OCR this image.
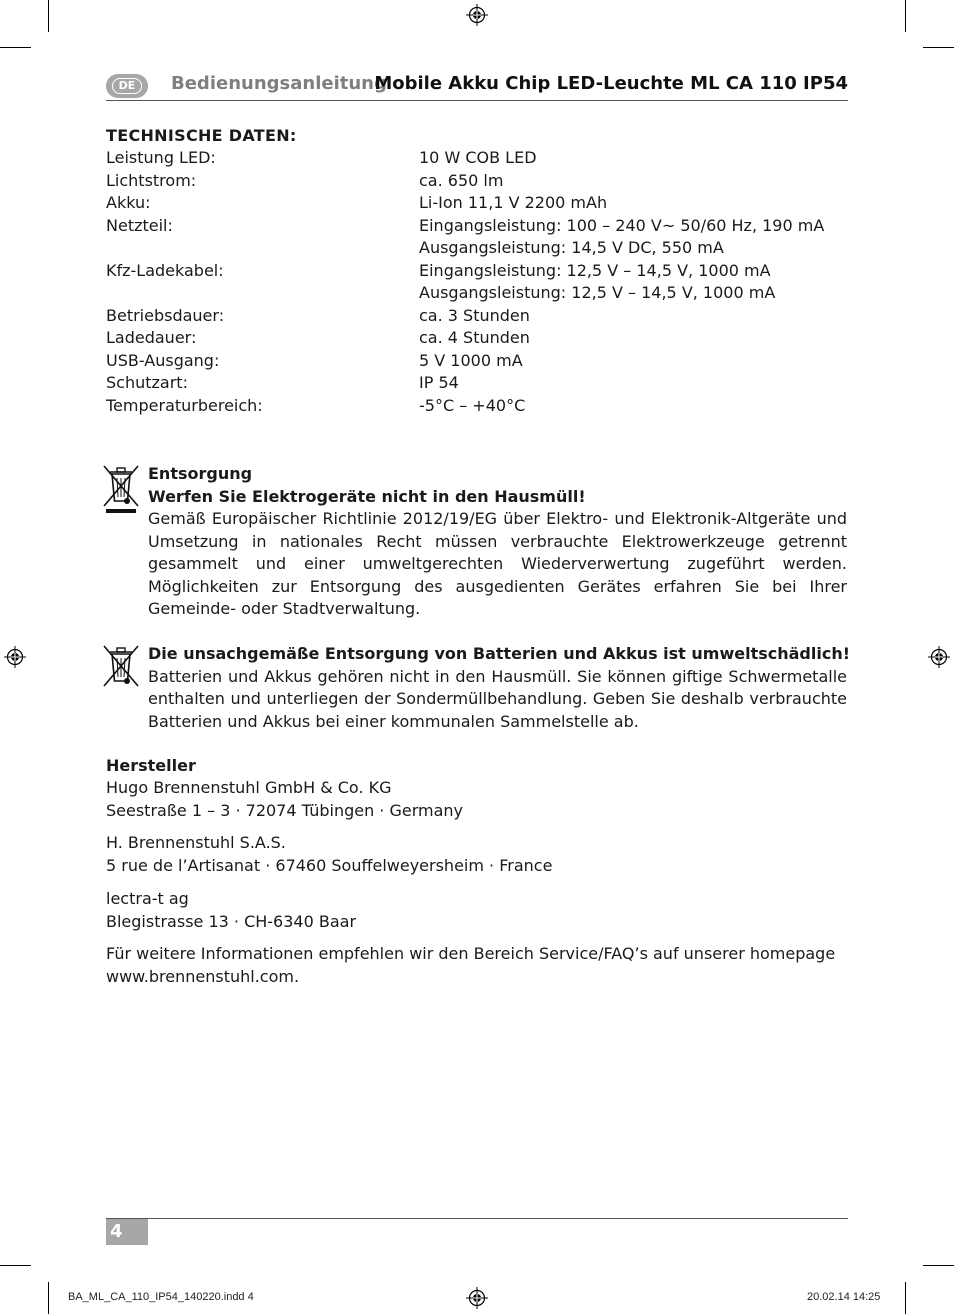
DE	Bedienungsanleitung
Mobile Akku Chip LED-Leuchte ML CA 110 IP54
TECHNISCHE DATEN:
Leistung LED:	10 W COB LED
Lichtstrom:	ca. 650 lm
Akku:	Li-Ion 11,1 V 2200 mAh
Netzteil:	Eingangsleistung: 100 – 240 V~ 50/60 Hz, 190 mA
Ausgangsleistung: 14,5 V DC, 550 mA
Kfz-Ladekabel:	Eingangsleistung: 12,5 V – 14,5 V, 1000 mA
Ausgangsleistung: 12,5 V – 14,5 V, 1000 mA
Betriebsdauer:	ca. 3 Stunden
Ladedauer:	ca. 4 Stunden
USB-Ausgang:	5 V 1000 mA
Schutzart:	IP 54
Temperaturbereich:	-5°C – +40°C
Entsorgung
Werfen Sie Elektrogeräte nicht in den Hausmüll!
Gemäß Europäischer Richtlinie 2012/19/EG über Elektro- und Elektronik-Altgeräte und Umsetzung in nationales Recht müssen verbrauchte Elektrowerkzeuge getrennt gesammelt und einer umweltgerechten Wiederverwertung zugeführt werden. Möglichkeiten zur Entsorgung des ausgedienten Gerätes erfahren Sie bei Ihrer Gemeinde- oder Stadtverwaltung.
Die unsachgemäße Entsorgung von Batterien und Akkus ist umweltschädlich!
Batterien und Akkus gehören nicht in den Hausmüll. Sie können giftige Schwermetalle enthalten und unterliegen der Sondermüllbehandlung. Geben Sie deshalb verbrauchte Batterien und Akkus bei einer kommunalen Sammelstelle ab.
Hersteller
Hugo Brennenstuhl GmbH & Co. KG
Seestraße 1 – 3 · 72074 Tübingen · Germany
H. Brennenstuhl S.A.S.
5 rue de l’Artisanat · 67460 Souffelweyersheim · France
lectra-t ag
Blegistrasse 13 · CH-6340 Baar
Für weitere Informationen empfehlen wir den Bereich Service/FAQ’s auf unserer homepage
www.brennenstuhl.com.
4
BA_ML_CA_110_IP54_140220.indd 4	20.02.14 14:25
